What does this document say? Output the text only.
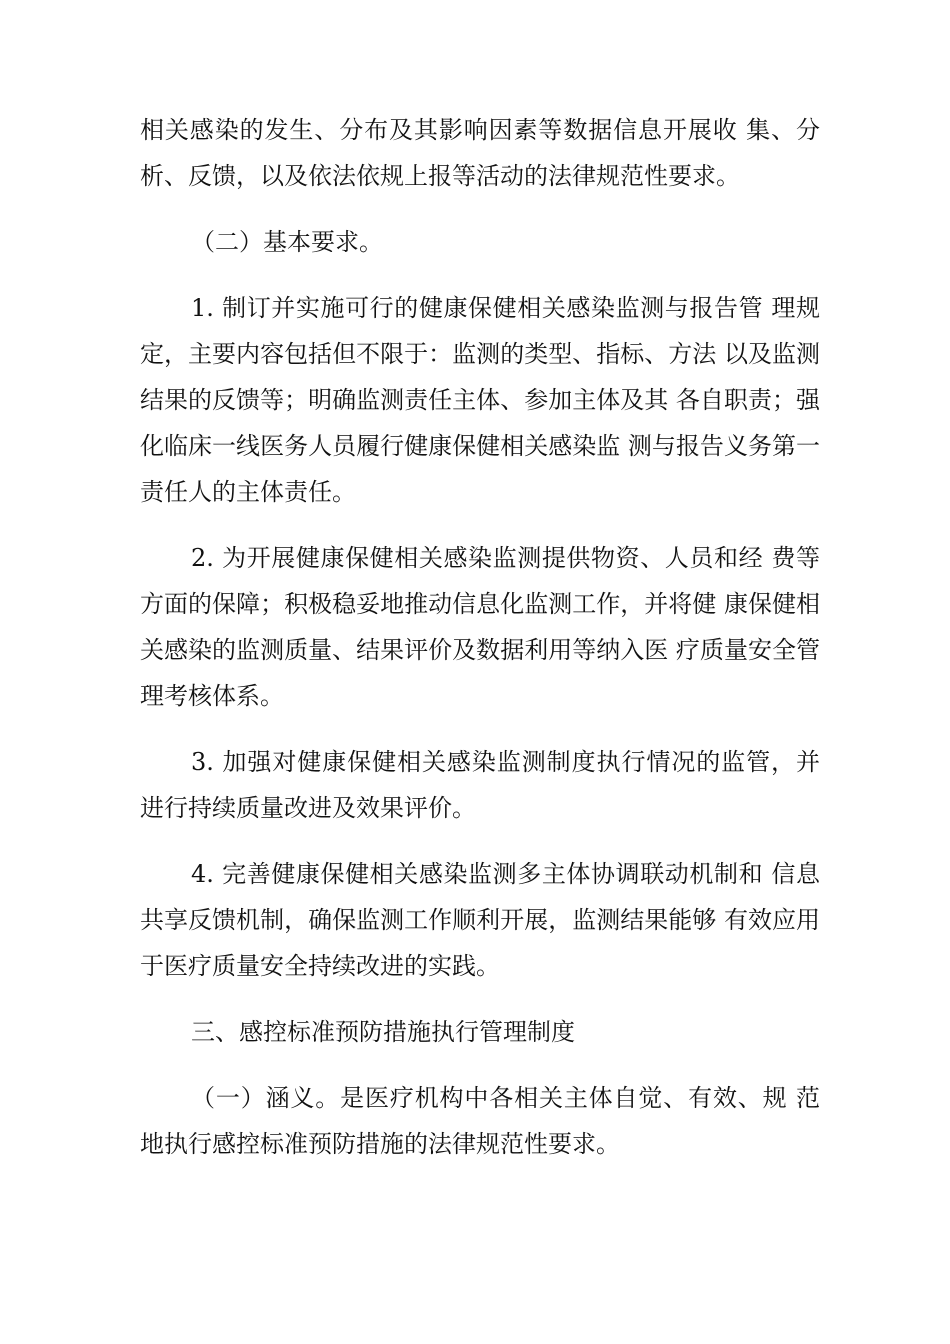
相关感染的发生、分布及其影响因素等数据信息开展收 集、分析、反馈，以及依法依规上报等活动的法律规范性要求。

（二）基本要求。

1. 制订并实施可行的健康保健相关感染监测与报告管 理规定，主要内容包括但不限于：监测的类型、指标、方法 以及监测结果的反馈等；明确监测责任主体、参加主体及其 各自职责；强化临床一线医务人员履行健康保健相关感染监 测与报告义务第一责任人的主体责任。

2. 为开展健康保健相关感染监测提供物资、人员和经 费等方面的保障；积极稳妥地推动信息化监测工作，并将健 康保健相关感染的监测质量、结果评价及数据利用等纳入医 疗质量安全管理考核体系。

3. 加强对健康保健相关感染监测制度执行情况的监管，并进行持续质量改进及效果评价。

4. 完善健康保健相关感染监测多主体协调联动机制和 信息共享反馈机制，确保监测工作顺利开展，监测结果能够 有效应用于医疗质量安全持续改进的实践。

三、感控标准预防措施执行管理制度

（一）涵义。是医疗机构中各相关主体自觉、有效、规 范地执行感控标准预防措施的法律规范性要求。
